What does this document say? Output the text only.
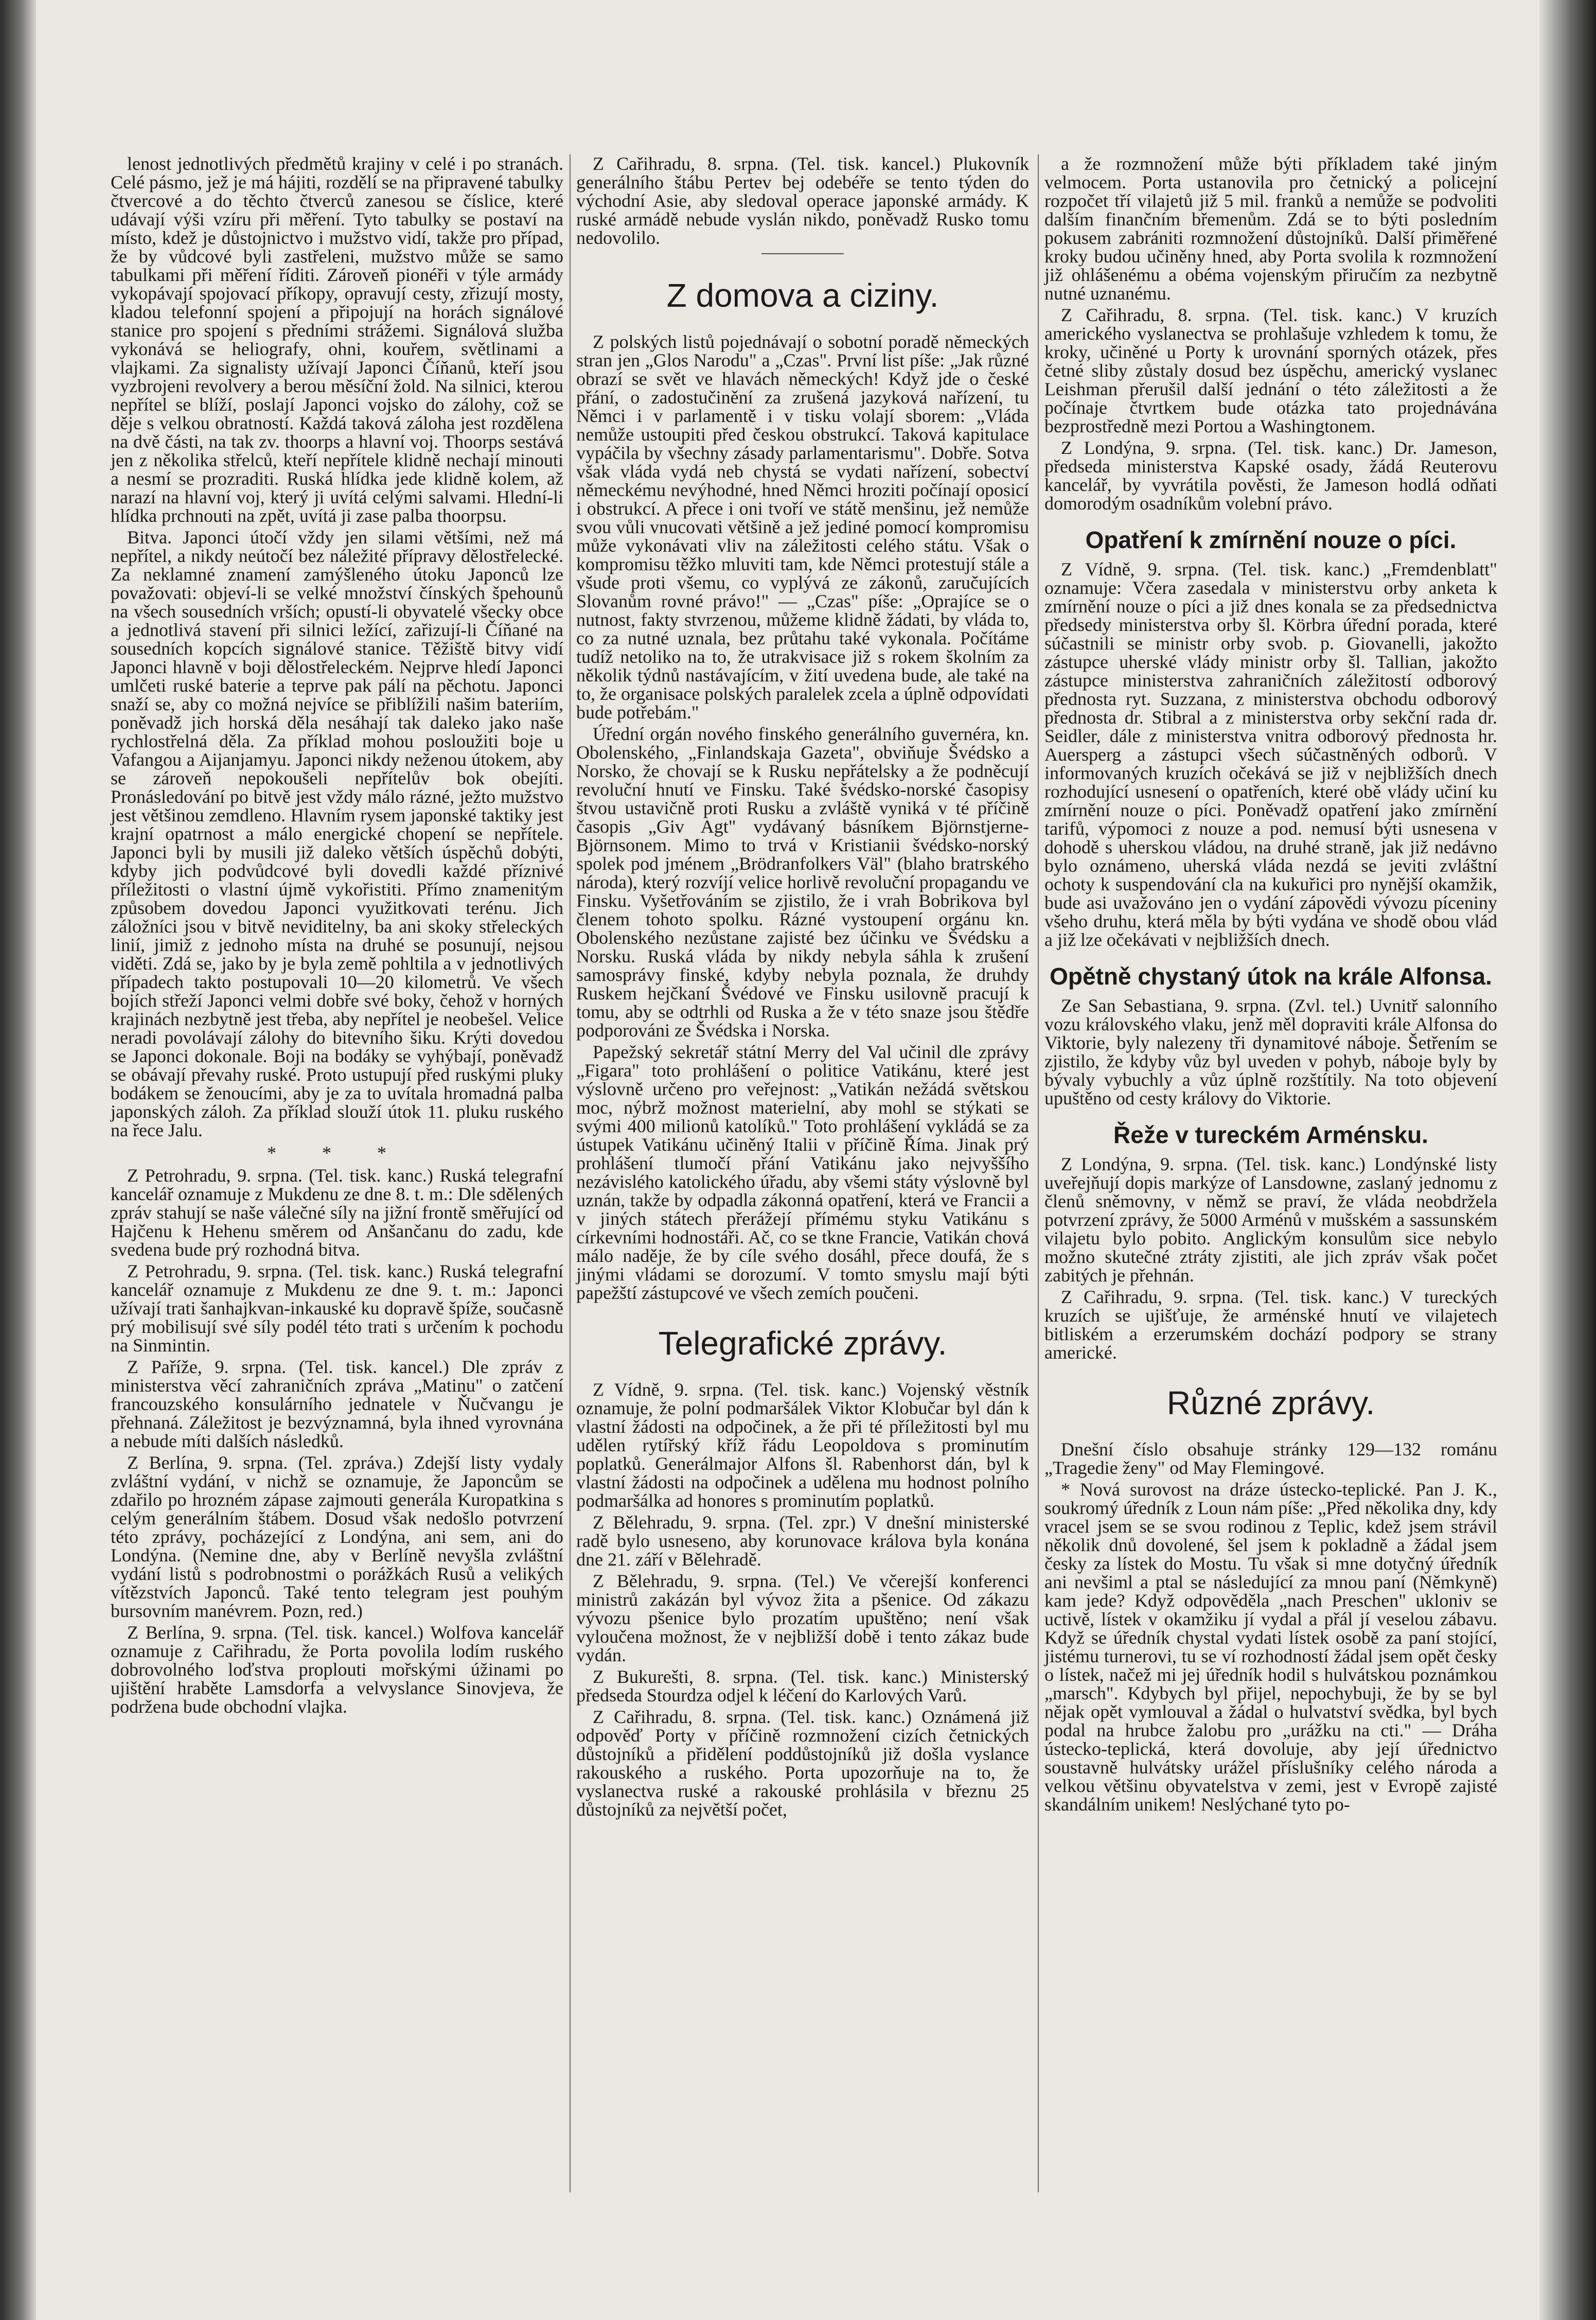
lenost jednotlivých předmětů krajiny v celé i po stranách. Celé pásmo, jež je má hájiti, rozdělí se na připravené tabulky čtvercové a do těchto čtverců zanesou se číslice, které udávají výši vzíru při měření. Tyto tabulky se postaví na místo, kdež je důstojnictvo i mužstvo vidí, takže pro případ, že by vůdcové byli zastřeleni, mužstvo může se samo tabulkami při měření říditi. Zároveň pionéři v týle armády vykopávají spojovací příkopy, opravují cesty, zřizují mosty, kladou telefonní spojení a připojují na horách signálové stanice pro spojení s předními strážemi. Signálová služba vykonává se heliografy, ohni, kouřem, světlinami a vlajkami. Za signalisty užívají Japonci Číňanů, kteří jsou vyzbrojeni revolvery a berou měsíční žold. Na silnici, kterou nepřítel se blíží, poslají Japonci vojsko do zálohy, což se děje s velkou obratností. Každá taková záloha jest rozdělena na dvě části, na tak zv. thoorps a hlavní voj. Thoorps sestává jen z několika střelců, kteří nepřítele klidně nechají minouti a nesmí se prozraditi. Ruská hlídka jede klidně kolem, až narazí na hlavní voj, který ji uvítá celými salvami. Hlední-li hlídka prchnouti na zpět, uvítá ji zase palba thoorpsu.

Bitva. Japonci útočí vždy jen silami většími, než má nepřítel, a nikdy neútočí bez náležité přípravy dělostřelecké. Za neklamné znamení zamýšleného útoku Japonců lze považovati: objeví-li se velké množství čínských špehounů na všech sousedních vrších; opustí-li obyvatelé všecky obce a jednotlivá stavení při silnici ležící, zařizují-li Číňané na sousedních kopcích signálové stanice. Těžiště bitvy vidí Japonci hlavně v boji dělostřeleckém. Nejprve hledí Japonci umlčeti ruské baterie a teprve pak pálí na pěchotu. Japonci snaží se, aby co možná nejvíce se přiblížili našim bateriím, poněvadž jich horská děla nesáhají tak daleko jako naše rychlostřelná děla. Za příklad mohou posloužiti boje u Vafangou a Aijanjamyu. Japonci nikdy neženou útokem, aby se zároveň nepokoušeli nepřítelův bok obejíti. Pronásledování po bitvě jest vždy málo rázné, ježto mužstvo jest většinou zemdleno. Hlavním rysem japonské taktiky jest krajní opatrnost a málo energické chopení se nepřítele. Japonci byli by musili již daleko větších úspěchů dobýti, kdyby jich podvůdcové byli dovedli každé příznivé příležitosti o vlastní újmě vykořistiti. Přímo znamenitým způsobem dovedou Japonci využitkovati terénu. Jich záložníci jsou v bitvě neviditelny, ba ani skoky střeleckých linií, jimiž z jednoho místa na druhé se posunují, nejsou viděti. Zdá se, jako by je byla země pohltila a v jednotlivých případech takto postupovali 10—20 kilometrů. Ve všech bojích střeží Japonci velmi dobře své boky, čehož v horných krajinách nezbytně jest třeba, aby nepřítel je neobešel. Velice neradi povolávají zálohy do bitevního šiku. Krýti dovedou se Japonci dokonale. Boji na bodáky se vyhýbají, poněvadž se obávají převahy ruské. Proto ustupují před ruskými pluky bodákem se ženoucími, aby je za to uvítala hromadná palba japonských záloh. Za příklad slouží útok 11. pluku ruského na řece Jalu.

* * *

Z Petrohradu, 9. srpna. (Tel. tisk. kanc.) Ruská telegrafní kancelář oznamuje z Mukdenu ze dne 8. t. m.: Dle sdělených zpráv stahují se naše válečné síly na jižní frontě směřující od Hajčenu k Hehenu směrem od Anšančanu do zadu, kde svedena bude prý rozhodná bitva.

Z Petrohradu, 9. srpna. (Tel. tisk. kanc.) Ruská telegrafní kancelář oznamuje z Mukdenu ze dne 9. t. m.: Japonci užívají trati šanhajkvan-inkauské ku dopravě špíže, současně prý mobilisují své síly podél této trati s určením k pochodu na Sinmintin.

Z Paříže, 9. srpna. (Tel. tisk. kancel.) Dle zpráv z ministerstva věcí zahraničních zpráva „Matinu" o zatčení francouzského konsulárního jednatele v Ňučvangu je přehnaná. Záležitost je bezvýznamná, byla ihned vyrovnána a nebude míti dalších následků.

Z Berlína, 9. srpna. (Tel. zpráva.) Zdejší listy vydaly zvláštní vydání, v nichž se oznamuje, že Japoncům se zdařilo po hrozném zápase zajmouti generála Kuropatkina s celým generálním štábem. Dosud však nedošlo potvrzení této zprávy, pocházející z Londýna, ani sem, ani do Londýna. (Nemine dne, aby v Berlíně nevyšla zvláštní vydání listů s podrobnostmi o porážkách Rusů a velikých vítězstvích Japonců. Také tento telegram jest pouhým bursovním manévrem. Pozn, red.)

Z Berlína, 9. srpna. (Tel. tisk. kancel.) Wolfova kancelář oznamuje z Cařihradu, že Porta povolila lodím ruského dobrovolného loďstva proplouti mořskými úžinami po ujištění hraběte Lamsdorfa a velvyslance Sinovjeva, že podržena bude obchodní vlajka.

Z Cařihradu, 8. srpna. (Tel. tisk. kancel.) Plukovník generálního štábu Pertev bej odebéře se tento týden do východní Asie, aby sledoval operace japonské armády. K ruské armádě nebude vyslán nikdo, poněvadž Rusko tomu nedovolilo.

Z domova a ciziny.

Z polských listů pojednávají o sobotní poradě německých stran jen „Glos Narodu" a „Czas". První list píše: „Jak různé obrazí se svět ve hlavách německých! Když jde o české přání, o zadostučinění za zrušená jazyková nařízení, tu Němci i v parlamentě i v tisku volají sborem: „Vláda nemůže ustoupiti před českou obstrukcí. Taková kapitulace vypáčila by všechny zásady parlamentarismu". Dobře. Sotva však vláda vydá neb chystá se vydati nařízení, sobectví německému nevýhodné, hned Němci hroziti počínají oposicí i obstrukcí. A přece i oni tvoří ve státě menšinu, jež nemůže svou vůli vnucovati většině a jež jediné pomocí kompromisu může vykonávati vliv na záležitosti celého státu. Však o kompromisu těžko mluviti tam, kde Němci protestují stále a všude proti všemu, co vyplývá ze zákonů, zaručujících Slovanům rovné právo!" — „Czas" píše: „Oprajíce se o nutnost, fakty stvrzenou, můžeme klidně žádati, by vláda to, co za nutné uznala, bez průtahu také vykonala. Počítáme tudíž netoliko na to, že utrakvisace již s rokem školním za několik týdnů nastávajícím, v žití uvedena bude, ale také na to, že organisace polských paralelek zcela a úplně odpovídati bude potřebám."

Úřední orgán nového finského generálního guvernéra, kn. Obolenského, „Finlandskaja Gazeta", obviňuje Švédsko a Norsko, že chovají se k Rusku nepřátelsky a že podněcují revoluční hnutí ve Finsku. Také švédsko-norské časopisy štvou ustavičně proti Rusku a zvláště vyniká v té příčině časopis „Giv Agt" vydávaný básníkem Björnstjerne-Björnsonem. Mimo to trvá v Kristianii švédsko-norský spolek pod jménem „Brödranfolkers Väl" (blaho bratrského národa), který rozvíjí velice horlivě revoluční propagandu ve Finsku. Vyšetřováním se zjistilo, že i vrah Bobrikova byl členem tohoto spolku. Rázné vystoupení orgánu kn. Obolenského nezůstane zajisté bez účinku ve Švédsku a Norsku. Ruská vláda by nikdy nebyla sáhla k zrušení samosprávy finské, kdyby nebyla poznala, že druhdy Ruskem hejčkaní Švédové ve Finsku usilovně pracují k tomu, aby se odtrhli od Ruska a že v této snaze jsou štědře podporováni ze Švédska i Norska.

Papežský sekretář státní Merry del Val učinil dle zprávy „Figara" toto prohlášení o politice Vatikánu, které jest výslovně určeno pro veřejnost: „Vatikán nežádá světskou moc, nýbrž možnost materielní, aby mohl se stýkati se svými 400 milionů katolíků." Toto prohlášení vykládá se za ústupek Vatikánu učiněný Italii v příčině Říma. Jinak prý prohlášení tlumočí přání Vatikánu jako nejvyššího nezávislého katolického úřadu, aby všemi státy výslovně byl uznán, takže by odpadla zákonná opatření, která ve Francii a v jiných státech přerážejí přímému styku Vatikánu s církevními hodnostáři. Ač, co se tkne Francie, Vatikán chová málo naděje, že by cíle svého dosáhl, přece doufá, že s jinými vládami se dorozumí. V tomto smyslu mají býti papežští zástupcové ve všech zemích poučeni.

Telegrafické zprávy.

Z Vídně, 9. srpna. (Tel. tisk. kanc.) Vojenský věstník oznamuje, že polní podmaršálek Viktor Klobučar byl dán k vlastní žádosti na odpočinek, a že při té příležitosti byl mu udělen rytířský kříž řádu Leopoldova s prominutím poplatků. Generálmajor Alfons šl. Rabenhorst dán, byl k vlastní žádosti na odpočinek a udělena mu hodnost polního podmaršálka ad honores s prominutím poplatků.

Z Bělehradu, 9. srpna. (Tel. zpr.) V dnešní ministerské radě bylo usneseno, aby korunovace králova byla konána dne 21. září v Bělehradě.

Z Bělehradu, 9. srpna. (Tel.) Ve včerejší konferenci ministrů zakázán byl vývoz žita a pšenice. Od zákazu vývozu pšenice bylo prozatím upuštěno; není však vyloučena možnost, že v nejbližší době i tento zákaz bude vydán.

Z Bukurešti, 8. srpna. (Tel. tisk. kanc.) Ministerský předseda Stourdza odjel k léčení do Karlových Varů.

Z Cařihradu, 8. srpna. (Tel. tisk. kanc.) Oznámená již odpověď Porty v příčině rozmnožení cizích četnických důstojníků a přidělení poddůstojníků již došla vyslance rakouského a ruského. Porta upozorňuje na to, že vyslanectva ruské a rakouské prohlásila v březnu 25 důstojníků za největší počet,

a že rozmnožení může býti příkladem také jiným velmocem. Porta ustanovila pro četnický a policejní rozpočet tří vilajetů již 5 mil. franků a nemůže se podvoliti dalším finančním břemenům. Zdá se to býti posledním pokusem zabrániti rozmnožení důstojníků. Další přiměřené kroky budou učiněny hned, aby Porta svolila k rozmnožení již ohlášenému a obéma vojenským přiručím za nezbytně nutné uznanému.

Z Cařihradu, 8. srpna. (Tel. tisk. kanc.) V kruzích amerického vyslanectva se prohlašuje vzhledem k tomu, že kroky, učiněné u Porty k urovnání sporných otázek, přes četné sliby zůstaly dosud bez úspěchu, americký vyslanec Leishman přerušil další jednání o této záležitosti a že počínaje čtvrtkem bude otázka tato projednávána bezprostředně mezi Portou a Washingtonem.

Z Londýna, 9. srpna. (Tel. tisk. kanc.) Dr. Jameson, předseda ministerstva Kapské osady, žádá Reuterovu kancelář, by vyvrátila pověsti, že Jameson hodlá odňati domorodým osadníkům volební právo.

Opatření k zmírnění nouze o píci.

Z Vídně, 9. srpna. (Tel. tisk. kanc.) „Fremdenblatt" oznamuje: Včera zasedala v ministerstvu orby anketa k zmírnění nouze o píci a již dnes konala se za předsednictva předsedy ministerstva orby šl. Körbra úřední porada, které súčastnili se ministr orby svob. p. Giovanelli, jakožto zástupce uherské vlády ministr orby šl. Tallian, jakožto zástupce ministerstva zahraničních záležitostí odborový přednosta ryt. Suzzana, z ministerstva obchodu odborový přednosta dr. Stibral a z ministerstva orby sekční rada dr. Seidler, dále z ministerstva vnitra odborový přednosta hr. Auersperg a zástupci všech súčastněných odborů. V informovaných kruzích očekává se již v nejbližších dnech rozhodující usnesení o opatřeních, které obě vlády učiní ku zmírnění nouze o píci. Poněvadž opatření jako zmírnění tarifů, výpomoci z nouze a pod. nemusí býti usnesena v dohodě s uherskou vládou, na druhé straně, jak již nedávno bylo oznámeno, uherská vláda nezdá se jeviti zvláštní ochoty k suspendování cla na kukuřici pro nynější okamžik, bude asi uvažováno jen o vydání zápovědi vývozu píceniny všeho druhu, která měla by býti vydána ve shodě obou vlád a již lze očekávati v nejbližších dnech.

Opětně chystaný útok na krále Alfonsa.

Ze San Sebastiana, 9. srpna. (Zvl. tel.) Uvnitř salonního vozu královského vlaku, jenž měl dopraviti krále Alfonsa do Viktorie, byly nalezeny tři dynamitové náboje. Šetřením se zjistilo, že kdyby vůz byl uveden v pohyb, náboje byly by bývaly vybuchly a vůz úplně rozštítily. Na toto objevení upuštěno od cesty královy do Viktorie.

Řeže v tureckém Arménsku.

Z Londýna, 9. srpna. (Tel. tisk. kanc.) Londýnské listy uveřejňují dopis markýze of Lansdowne, zaslaný jednomu z členů sněmovny, v němž se praví, že vláda neobdržela potvrzení zprávy, že 5000 Arménů v mušském a sassunském vilajetu bylo pobito. Anglickým konsulům sice nebylo možno skutečné ztráty zjistiti, ale jich zpráv však počet zabitých je přehnán.

Z Cařihradu, 9. srpna. (Tel. tisk. kanc.) V tureckých kruzích se ujišťuje, že arménské hnutí ve vilajetech bitliském a erzerumském dochází podpory se strany americké.

Různé zprávy.

Dnešní číslo obsahuje stránky 129—132 románu „Tragedie ženy" od May Flemingové.

* Nová surovost na dráze ústecko-teplické. Pan J. K., soukromý úředník z Loun nám píše: „Před několika dny, kdy vracel jsem se se svou rodinou z Teplic, kdež jsem strávil několik dnů dovolené, šel jsem k pokladně a žádal jsem česky za lístek do Mostu. Tu však si mne dotyčný úředník ani nevšiml a ptal se následující za mnou paní (Němkyně) kam jede? Když odpověděla „nach Preschen" ukloniv se uctivě, lístek v okamžiku jí vydal a přál jí veselou zábavu. Když se úředník chystal vydati lístek osobě za paní stojící, jistému turnerovi, tu se ví rozhodností žádal jsem opět česky o lístek, načež mi jej úředník hodil s hulvátskou poznámkou „marsch". Kdybych byl přijel, nepochybuji, že by se byl nějak opět vymlouval a žádal o hulvatství svědka, byl bych podal na hrubce žalobu pro „urážku na cti." — Dráha ústecko-teplická, která dovoluje, aby její úřednictvo soustavně hulvátsky urážel příslušníky celého národa a velkou většinu obyvatelstva v zemi, jest v Evropě zajisté skandálním unikem! Neslýchané tyto po-
